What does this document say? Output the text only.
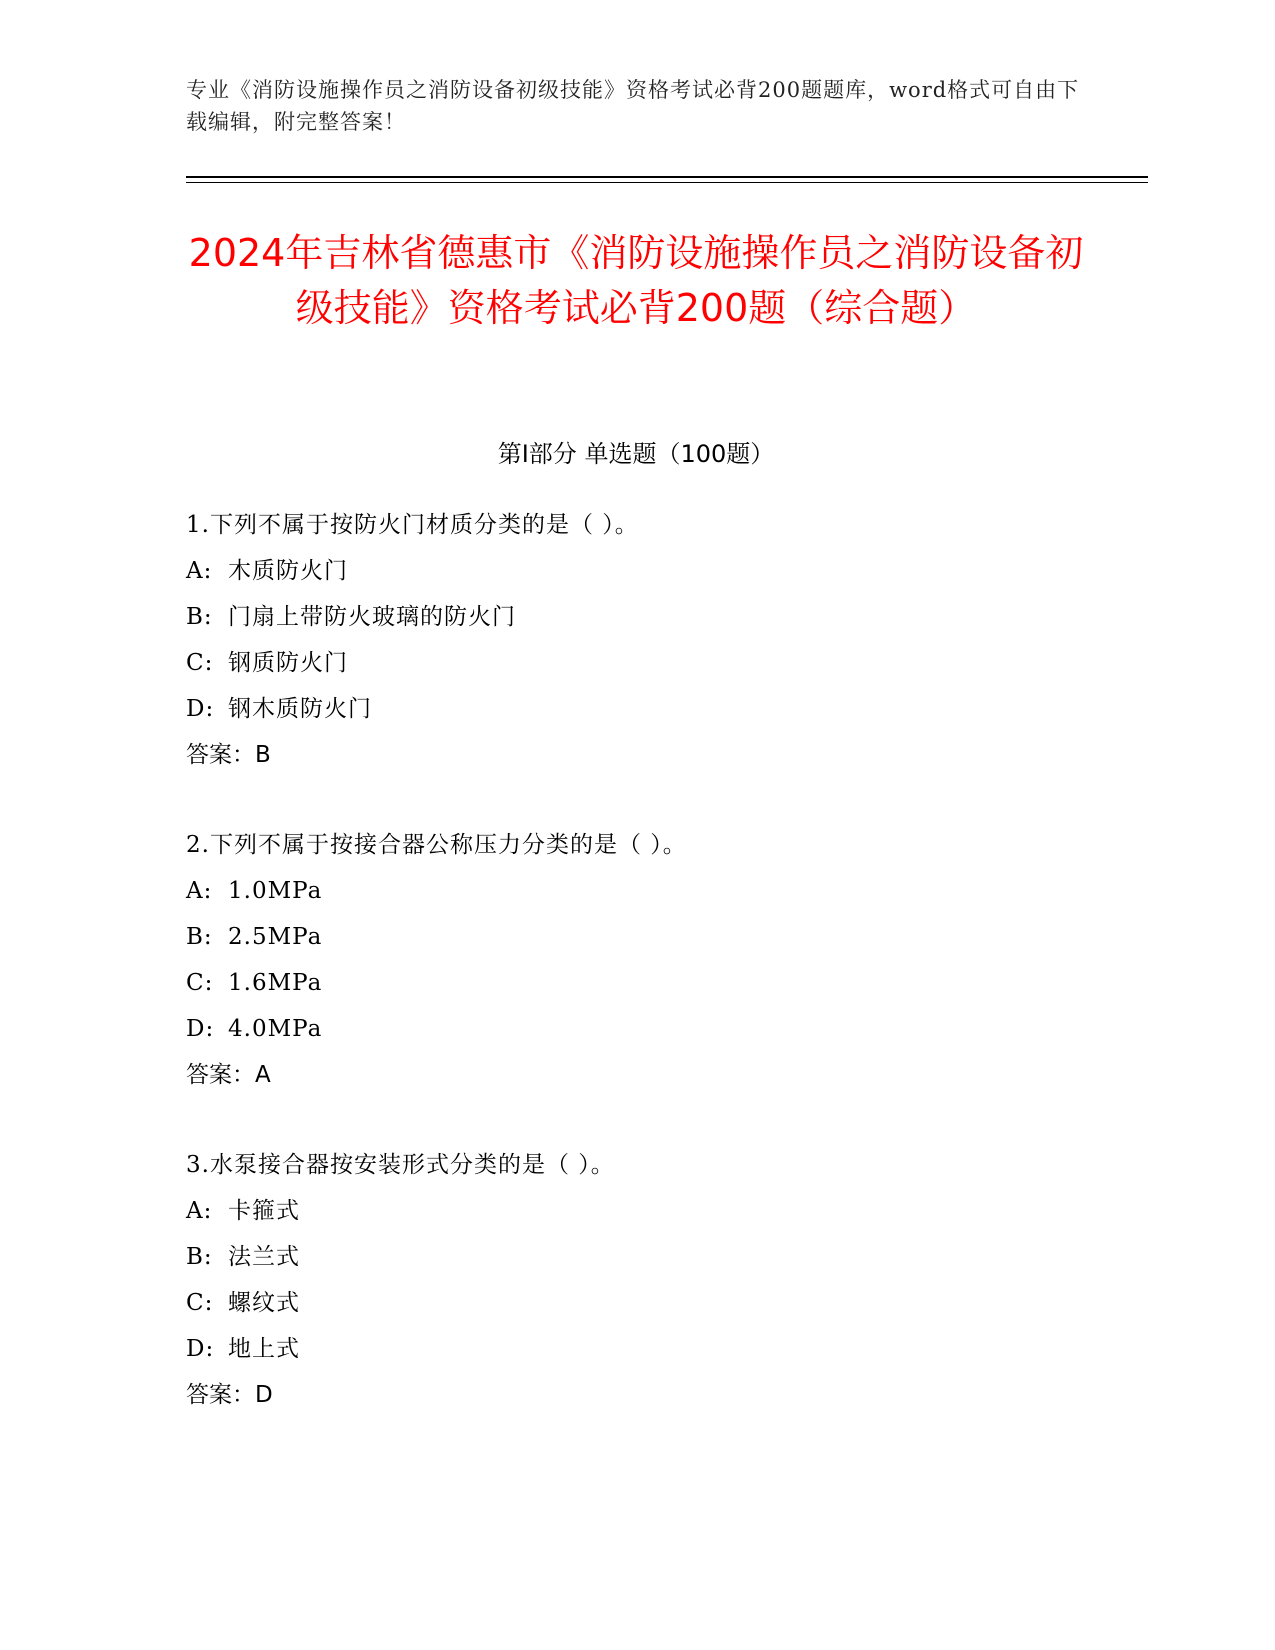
专业《消防设施操作员之消防设备初级技能》资格考试必背200题题库，word格式可自由下载编辑，附完整答案！
2024年吉林省德惠市《消防设施操作员之消防设备初级技能》资格考试必背200题（综合题）
第I部分 单选题（100题）
1.下列不属于按防火门材质分类的是（ ）。
A: 木质防火门
B: 门扇上带防火玻璃的防火门
C: 钢质防火门
D: 钢木质防火门
答案：B
2.下列不属于按接合器公称压力分类的是（ ）。
A: 1.0MPa
B: 2.5MPa
C: 1.6MPa
D: 4.0MPa
答案：A
3.水泵接合器按安装形式分类的是（ ）。
A: 卡箍式
B: 法兰式
C: 螺纹式
D: 地上式
答案：D
